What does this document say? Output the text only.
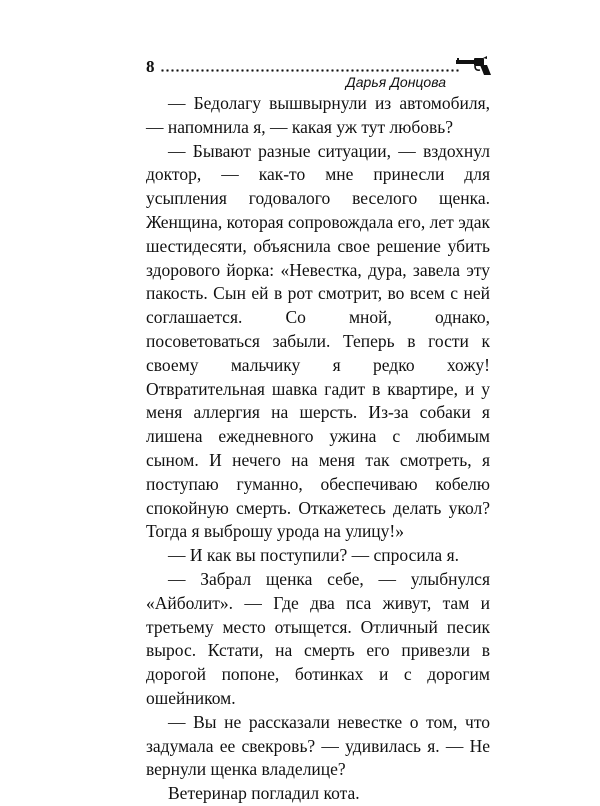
8
Дарья Донцова

— Бедолагу вышвырнули из автомобиля, — напомнила я, — какая уж тут любовь?

— Бывают разные ситуации, — вздохнул доктор, — как-то мне принесли для усыпления годовалого веселого щенка. Женщина, которая сопровождала его, лет эдак шестидесяти, объяснила свое решение убить здорового йорка: «Невестка, дура, завела эту пакость. Сын ей в рот смотрит, во всем с ней соглашается. Со мной, однако, посоветоваться забыли. Теперь в гости к своему мальчику я редко хожу! Отвратительная шавка гадит в квартире, и у меня аллергия на шерсть. Из-за собаки я лишена ежедневного ужина с любимым сыном. И нечего на меня так смотреть, я поступаю гуманно, обеспечиваю кобелю спокойную смерть. Откажетесь делать укол? Тогда я выброшу урода на улицу!»

— И как вы поступили? — спросила я.

— Забрал щенка себе, — улыбнулся «Айболит». — Где два пса живут, там и третьему место отыщется. Отличный песик вырос. Кстати, на смерть его привезли в дорогой попоне, ботинках и с дорогим ошейником.

— Вы не рассказали невестке о том, что задумала ее свекровь? — удивилась я. — Не вернули щенка владелице?

Ветеринар погладил кота.
